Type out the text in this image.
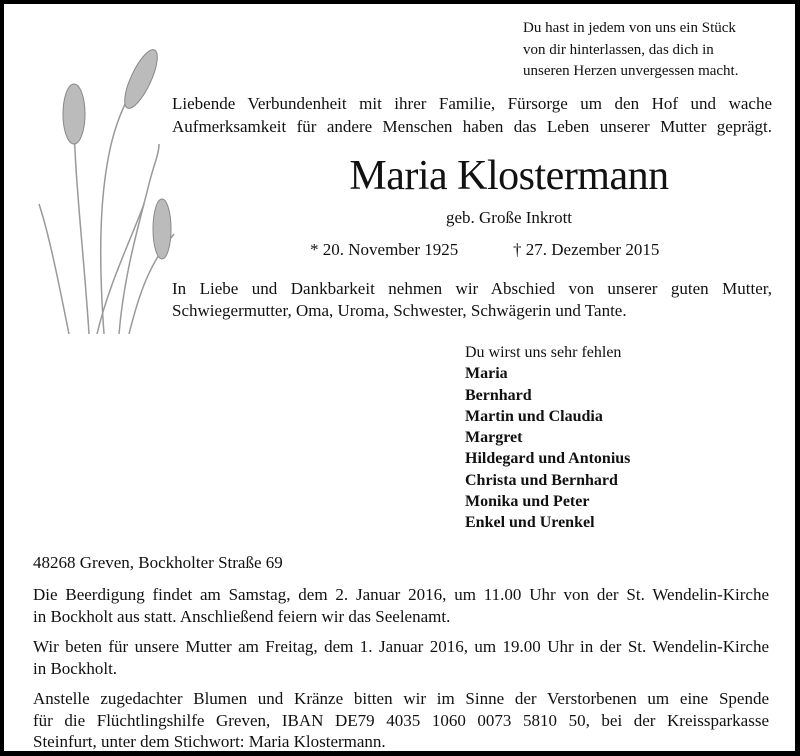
Du hast in jedem von uns ein Stück
von dir hinterlassen, das dich in
unseren Herzen unvergessen macht.
Liebende Verbundenheit mit ihrer Familie, Fürsorge um den Hof und wache
Aufmerksamkeit für andere Menschen haben das Leben unserer Mutter geprägt.
Maria Klostermann
geb. Große Inkrott
* 20. November 1925	† 27. Dezember 2015
In Liebe und Dankbarkeit nehmen wir Abschied von unserer guten Mutter,
Schwiegermutter, Oma, Uroma, Schwester, Schwägerin und Tante.
Du wirst uns sehr fehlen
Maria
Bernhard
Martin und Claudia
Margret
Hildegard und Antonius
Christa und Bernhard
Monika und Peter
Enkel und Urenkel
48268 Greven, Bockholter Straße 69
Die Beerdigung findet am Samstag, dem 2. Januar 2016, um 11.00 Uhr von der St. Wendelin-Kirche
in Bockholt aus statt. Anschließend feiern wir das Seelenamt.
Wir beten für unsere Mutter am Freitag, dem 1. Januar 2016, um 19.00 Uhr in der St. Wendelin-Kirche
in Bockholt.
Anstelle zugedachter Blumen und Kränze bitten wir im Sinne der Verstorbenen um eine Spende
für die Flüchtlingshilfe Greven, IBAN DE79 4035 1060 0073 5810 50, bei der Kreissparkasse
Steinfurt, unter dem Stichwort: Maria Klostermann.
